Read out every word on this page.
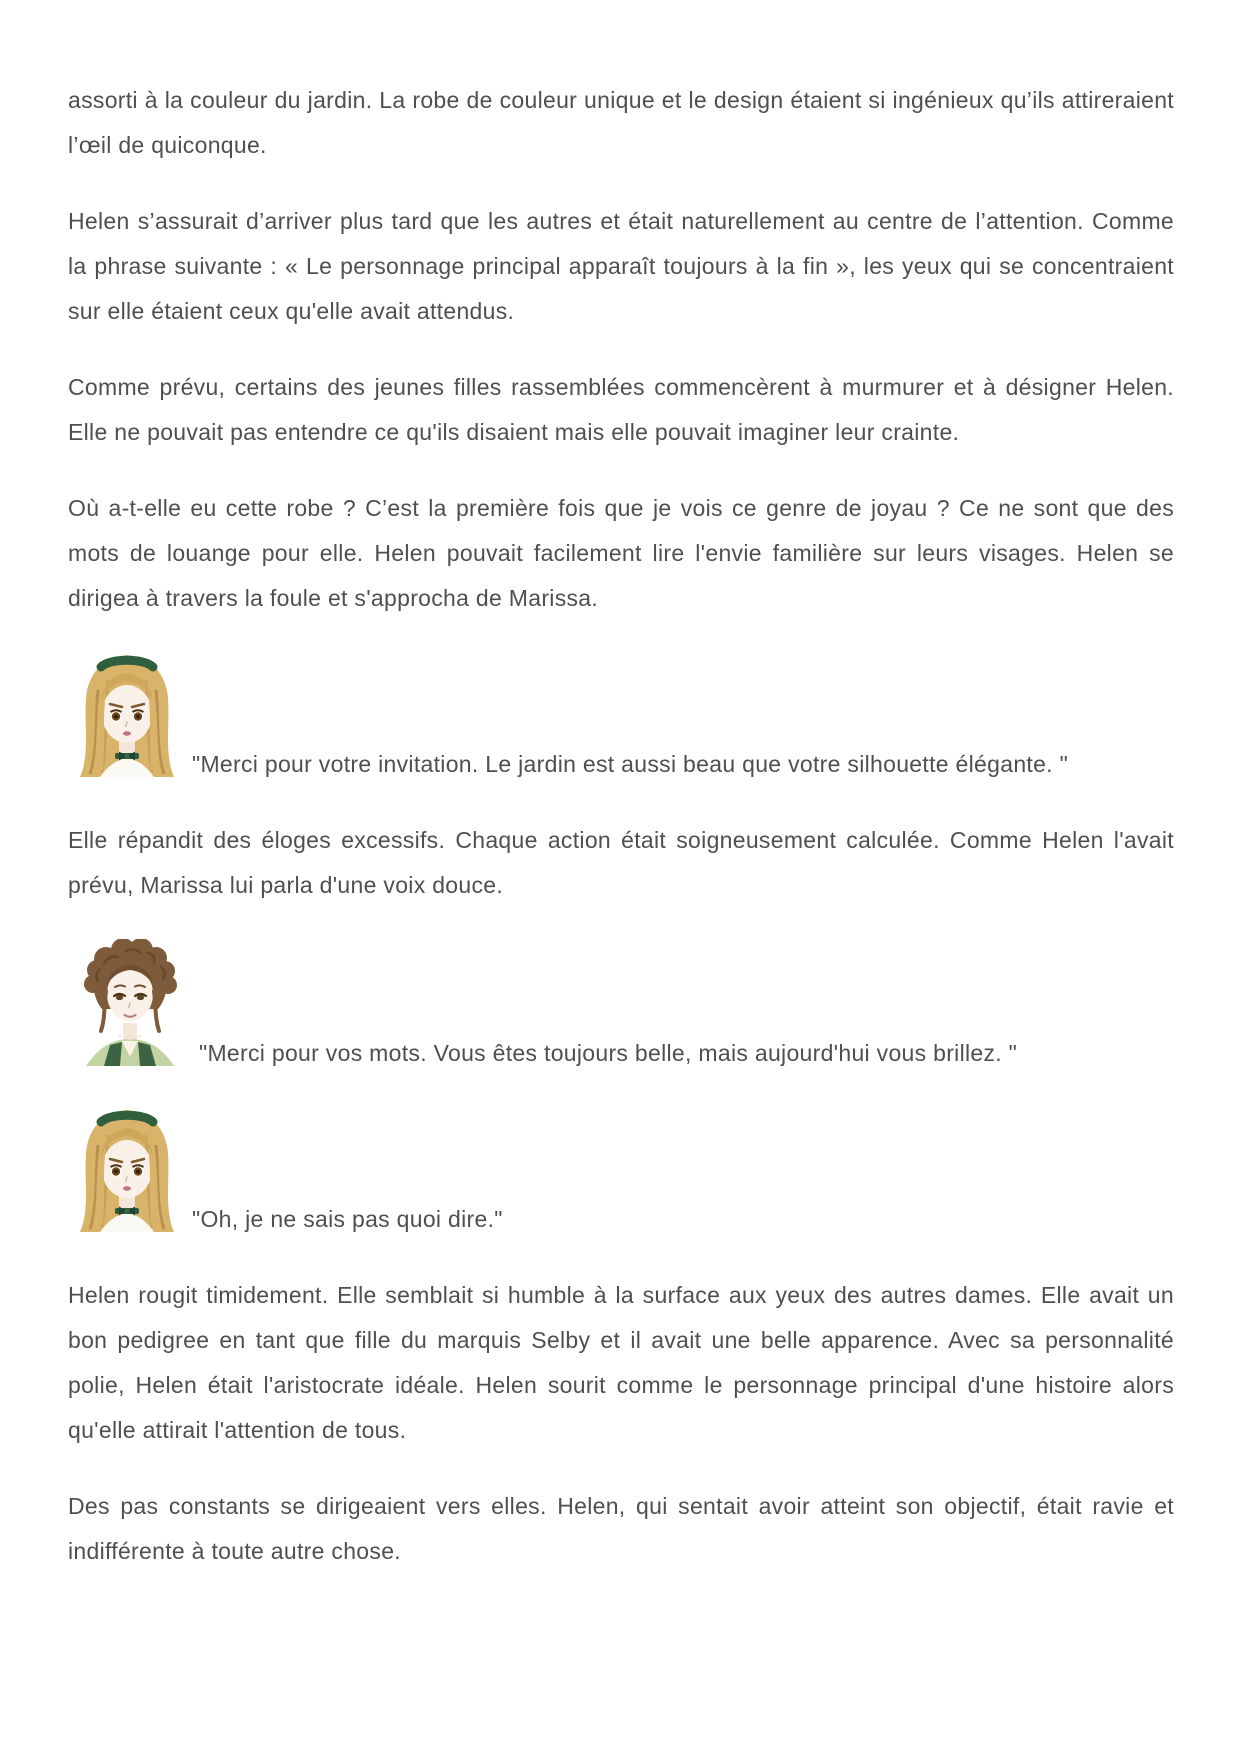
assorti à la couleur du jardin. La robe de couleur unique et le design étaient si ingénieux qu’ils attireraient l’œil de quiconque.

Helen s’assurait d’arriver plus tard que les autres et était naturellement au centre de l’attention. Comme la phrase suivante : « Le personnage principal apparaît toujours à la fin », les yeux qui se concentraient sur elle étaient ceux qu'elle avait attendus.

Comme prévu, certains des jeunes filles rassemblées commencèrent à murmurer et à désigner Helen. Elle ne pouvait pas entendre ce qu'ils disaient mais elle pouvait imaginer leur crainte.

Où a-t-elle eu cette robe ? C’est la première fois que je vois ce genre de joyau ? Ce ne sont que des mots de louange pour elle. Helen pouvait facilement lire l'envie familière sur leurs visages. Helen se dirigea à travers la foule et s'approcha de Marissa.

"Merci pour votre invitation. Le jardin est aussi beau que votre silhouette élégante. "

Elle répandit des éloges excessifs. Chaque action était soigneusement calculée. Comme Helen l'avait prévu, Marissa lui parla d'une voix douce.

"Merci pour vos mots. Vous êtes toujours belle, mais aujourd'hui vous brillez. "

"Oh, je ne sais pas quoi dire."

Helen rougit timidement. Elle semblait si humble à la surface aux yeux des autres dames. Elle avait un bon pedigree en tant que fille du marquis Selby et il avait une belle apparence. Avec sa personnalité polie, Helen était l'aristocrate idéale. Helen sourit comme le personnage principal d'une histoire alors qu'elle attirait l'attention de tous.

Des pas constants se dirigeaient vers elles. Helen, qui sentait avoir atteint son objectif, était ravie et indifférente à toute autre chose.
